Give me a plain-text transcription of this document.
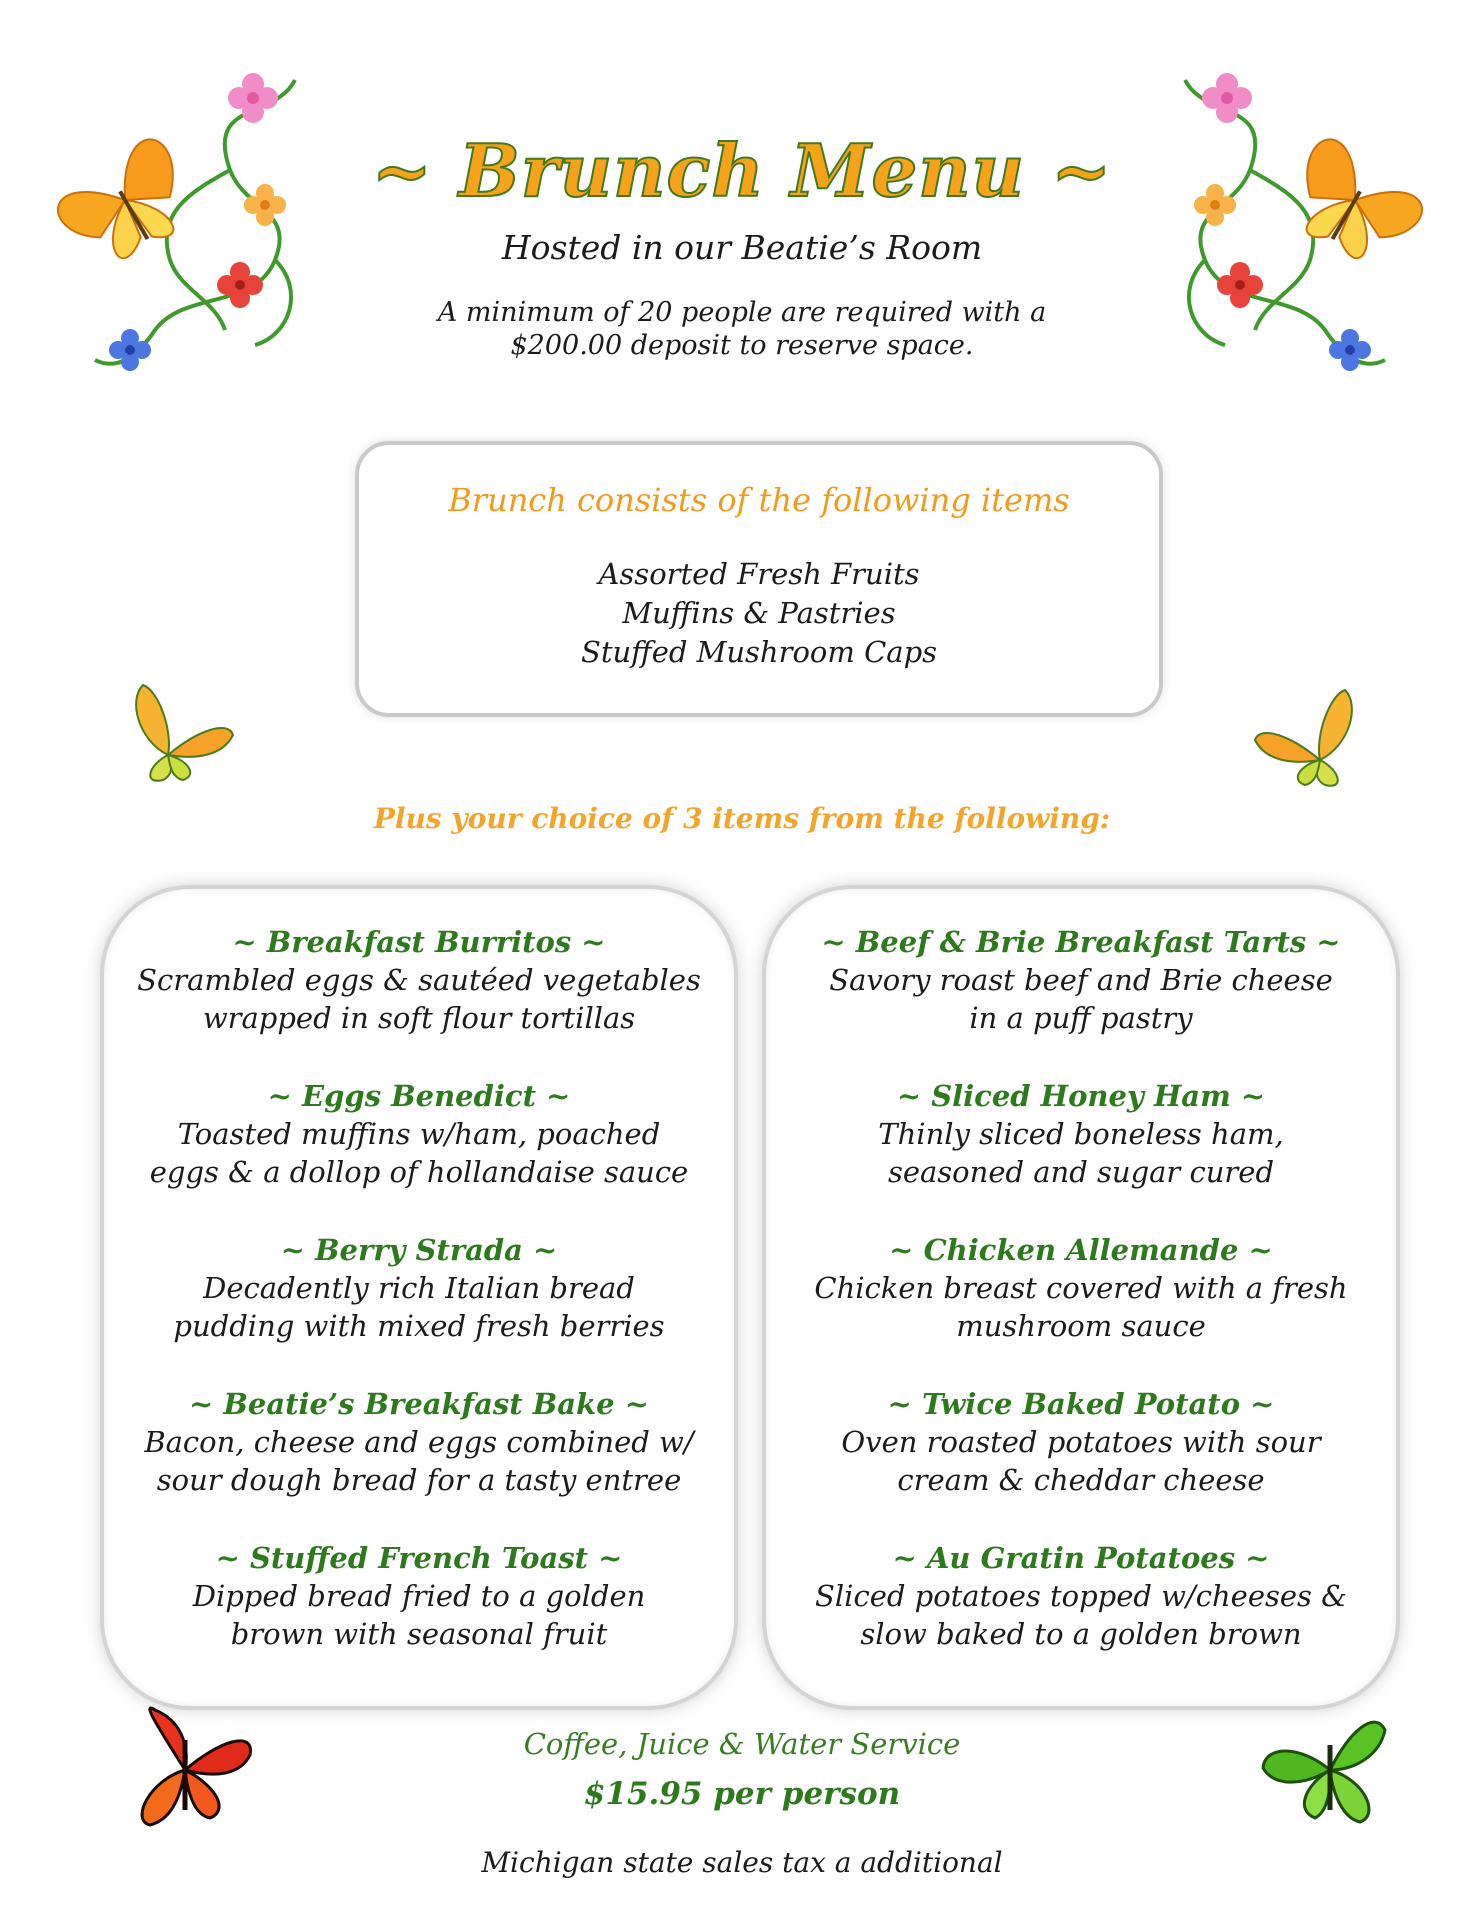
~ Brunch Menu ~
Hosted in our Beatie’s Room
A minimum of 20 people are required with a
$200.00 deposit to reserve space.
Brunch consists of the following items
Assorted Fresh Fruits
Muffins & Pastries
Stuffed Mushroom Caps
Plus your choice of 3 items from the following:
~ Breakfast Burritos ~
Scrambled eggs & sautéed vegetables
wrapped in soft flour tortillas
~ Eggs Benedict ~
Toasted muffins w/ham, poached
eggs & a dollop of hollandaise sauce
~ Berry Strada ~
Decadently rich Italian bread
pudding with mixed fresh berries
~ Beatie’s Breakfast Bake ~
Bacon, cheese and eggs combined w/
sour dough bread for a tasty entree
~ Stuffed French Toast ~
Dipped bread fried to a golden
brown with seasonal fruit
~ Beef & Brie Breakfast Tarts ~
Savory roast beef and Brie cheese
in a puff pastry
~ Sliced Honey Ham ~
Thinly sliced boneless ham,
seasoned and sugar cured
~ Chicken Allemande ~
Chicken breast covered with a fresh
mushroom sauce
~ Twice Baked Potato ~
Oven roasted potatoes with sour
cream & cheddar cheese
~ Au Gratin Potatoes ~
Sliced potatoes topped w/cheeses &
slow baked to a golden brown
Coffee, Juice & Water Service
$15.95 per person
Michigan state sales tax a additional
